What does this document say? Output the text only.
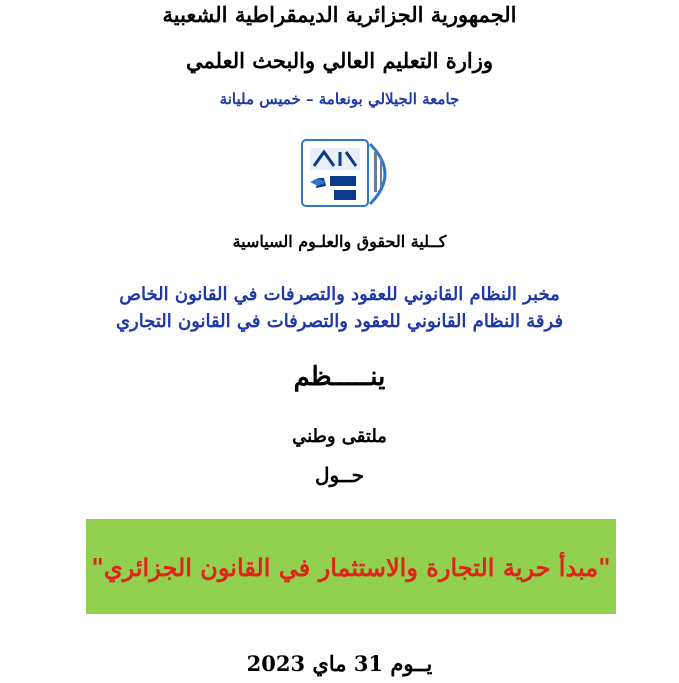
الجمهورية الجزائرية الديمقراطية الشعبية
وزارة التعليم العالي والبحث العلمي
جامعة الجيلالي بونعامة – خميس مليانة
كــلية الحقوق والعلـوم السياسية
مخبر النظام القانوني للعقود والتصرفات في القانون الخاص
فرقة النظام القانوني للعقود والتصرفات في القانون التجاري
ينـــــظم
ملتقى وطني
حــول
"مبدأ حرية التجارة والاستثمار في القانون الجزائري"
يــوم 31 ماي 2023
